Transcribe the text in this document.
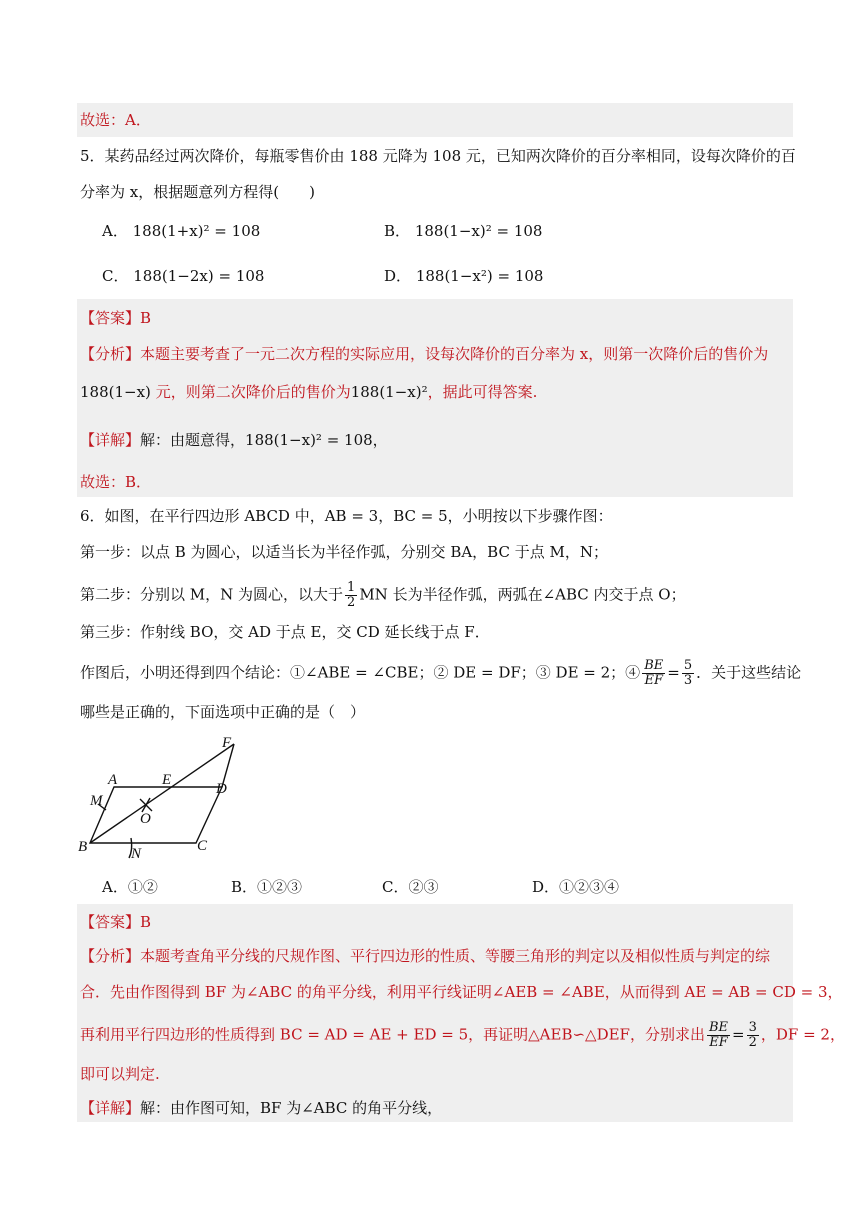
故选：A．
5．某药品经过两次降价，每瓶零售价由 188 元降为 108 元，已知两次降价的百分率相同，设每次降价的百
分率为 x，根据题意列方程得(　　)
A． 188(1+x)² = 108	B． 188(1−x)² = 108
C． 188(1−2x) = 108	D． 188(1−x²) = 108
【答案】B
【分析】本题主要考查了一元二次方程的实际应用，设每次降价的百分率为 x，则第一次降价后的售价为
188(1−x) 元，则第二次降价后的售价为188(1−x)²，据此可得答案.
【详解】解：由题意得，188(1−x)² = 108，
故选：B．
6．如图，在平行四边形 ABCD 中，AB = 3，BC = 5，小明按以下步骤作图：
第一步：以点 B 为圆心，以适当长为半径作弧，分别交 BA，BC 于点 M，N；
第二步：分别以 M，N 为圆心，以大于 $\frac{1}{2}$ MN 长为半径作弧，两弧在∠ABC 内交于点 O；
第三步：作射线 BO，交 AD 于点 E，交 CD 延长线于点 F．
作图后，小明还得到四个结论：①∠ABE = ∠CBE；② DE = DF；③ DE = 2；④ $\frac{BE}{EF} = \frac{5}{3}$ ．关于这些结论
哪些是正确的，下面选项中正确的是（　）
A
B	C
D
E
F
M
N
O
A．①②	B．①②③	C．②③	D．①②③④
【答案】B
【分析】本题考查角平分线的尺规作图、平行四边形的性质、等腰三角形的判定以及相似性质与判定的综
合．先由作图得到 BF 为∠ABC 的角平分线，利用平行线证明∠AEB = ∠ABE，从而得到 AE = AB = CD = 3，
再利用平行四边形的性质得到 BC = AD = AE + ED = 5，再证明△AEB∽△DEF，分别求出 $\frac{BE}{EF} = \frac{3}{2}$ ，DF = 2，
即可以判定.
【详解】解：由作图可知，BF 为∠ABC 的角平分线，
